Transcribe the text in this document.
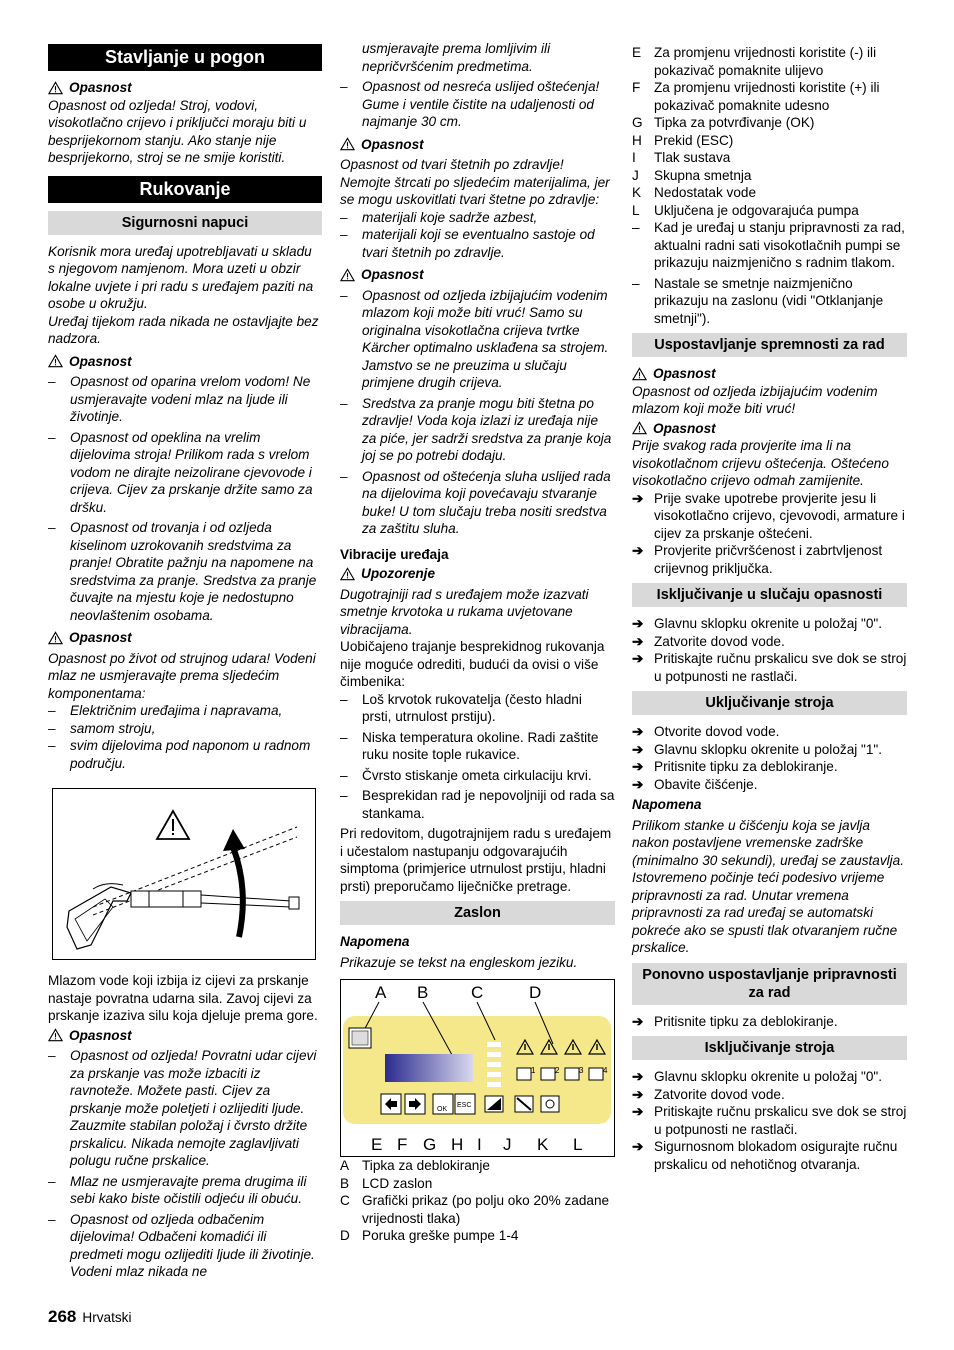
Stavljanje u pogon
Opasnost
Opasnost od ozljeda! Stroj, vodovi, visokotlačno crijevo i priključci moraju biti u besprijekornom stanju. Ako stanje nije besprijekorno, stroj se ne smije koristiti.
Rukovanje
Sigurnosni napuci
Korisnik mora uređaj upotrebljavati u skladu s njegovom namjenom. Mora uzeti u obzir lokalne uvjete i pri radu s uređajem paziti na osobe u okružju.
Uređaj tijekom rada nikada ne ostavljajte bez nadzora.
Opasnost
–	Opasnost od oparina vrelom vodom! Ne usmjeravajte vodeni mlaz na ljude ili životinje.
–	Opasnost od opeklina na vrelim dijelovima stroja! Prilikom rada s vrelom vodom ne dirajte neizolirane cjevovode i crijeva. Cijev za prskanje držite samo za dršku.
–	Opasnost od trovanja i od ozljeda kiselinom uzrokovanih sredstvima za pranje! Obratite pažnju na napomene na sredstvima za pranje. Sredstva za pranje čuvajte na mjestu koje je nedostupno neovlaštenim osobama.
Opasnost
Opasnost po život od strujnog udara! Vodeni mlaz ne usmjeravajte prema sljedećim komponentama:
–	Električnim uređajima i napravama,
–	samom stroju,
–	svim dijelovima pod naponom u radnom području.
Mlazom vode koji izbija iz cijevi za prskanje nastaje povratna udarna sila. Zavoj cijevi za prskanje izaziva silu koja djeluje prema gore.
Opasnost
–	Opasnost od ozljeda! Povratni udar cijevi za prskanje vas može izbaciti iz ravnoteže. Možete pasti. Cijev za prskanje može poletjeti i ozlijediti ljude. Zauzmite stabilan položaj i čvrsto držite prskalicu. Nikada nemojte zaglavljivati polugu ručne prskalice.
–	Mlaz ne usmjeravajte prema drugima ili sebi kako biste očistili odjeću ili obuću.
–	Opasnost od ozljeda odbačenim dijelovima! Odbačeni komadići ili predmeti mogu ozlijediti ljude ili životinje. Vodeni mlaz nikada ne
usmjeravajte prema lomljivim ili nepričvršćenim predmetima.
–	Opasnost od nesreća uslijed oštećenja! Gume i ventile čistite na udaljenosti od najmanje 30 cm.
Opasnost
Opasnost od tvari štetnih po zdravlje! Nemojte štrcati po sljedećim materijalima, jer se mogu uskovitlati tvari štetne po zdravlje:
–	materijali koje sadrže azbest,
–	materijali koji se eventualno sastoje od tvari štetnih po zdravlje.
Opasnost
–	Opasnost od ozljeda izbijajućim vodenim mlazom koji može biti vruć! Samo su originalna visokotlačna crijeva tvrtke Kärcher optimalno usklađena sa strojem. Jamstvo se ne preuzima u slučaju primjene drugih crijeva.
–	Sredstva za pranje mogu biti štetna po zdravlje! Voda koja izlazi iz uređaja nije za piće, jer sadrži sredstva za pranje koja joj se po potrebi dodaju.
–	Opasnost od oštećenja sluha uslijed rada na dijelovima koji povećavaju stvaranje buke! U tom slučaju treba nositi sredstva za zaštitu sluha.
Vibracije uređaja
Upozorenje
Dugotrajniji rad s uređajem može izazvati smetnje krvotoka u rukama uvjetovane vibracijama.
Uobičajeno trajanje besprekidnog rukovanja nije moguće odrediti, budući da ovisi o više čimbenika:
–	Loš krvotok rukovatelja (često hladni prsti, utrnulost prstiju).
–	Niska temperatura okoline. Radi zaštite ruku nosite tople rukavice.
–	Čvrsto stiskanje ometa cirkulaciju krvi.
–	Besprekidan rad je nepovoljniji od rada sa stankama.
Pri redovitom, dugotrajnijem radu s uređajem i učestalom nastupanju odgovarajućih simptoma (primjerice utrnulost prstiju, hladni prsti) preporučamo liječničke pretrage.
Zaslon
Napomena
Prikazuje se tekst na engleskom jeziku.
A B	C	D
1 2 3 4
OK
ESC
E F G H I J K L
A Tipka za deblokiranje
B LCD zaslon
C Grafički prikaz (po polju oko 20% zadane vrijednosti tlaka)
D Poruka greške pumpe 1-4
E Za promjenu vrijednosti koristite (-) ili pokazivač pomaknite ulijevo
F	Za promjenu vrijednosti koristite (+) ili pokazivač pomaknite udesno
G Tipka za potvrđivanje (OK)
H Prekid (ESC)
I	Tlak sustava
J	Skupna smetnja
K Nedostatak vode
L	Uključena je odgovarajuća pumpa
–	Kad je uređaj u stanju pripravnosti za rad, aktualni radni sati visokotlačnih pumpi se prikazuju naizmjenično s radnim tlakom.
–	Nastale se smetnje naizmjenično prikazuju na zaslonu (vidi "Otklanjanje smetnji").
Uspostavljanje spremnosti za rad
Opasnost
Opasnost od ozljeda izbijajućim vodenim mlazom koji može biti vruć!
Opasnost
Prije svakog rada provjerite ima li na visokotlačnom crijevu oštećenja. Oštećeno visokotlačno crijevo odmah zamijenite.
➔ Prije svake upotrebe provjerite jesu li visokotlačno crijevo, cjevovodi, armature i cijev za prskanje oštećeni.
➔ Provjerite pričvršćenost i zabrtvljenost crijevnog priključka.
Isključivanje u slučaju opasnosti
➔ Glavnu sklopku okrenite u položaj "0".
➔ Zatvorite dovod vode.
➔ Pritiskajte ručnu prskalicu sve dok se stroj u potpunosti ne rastlači.
Uključivanje stroja
➔ Otvorite dovod vode.
➔ Glavnu sklopku okrenite u položaj "1".
➔ Pritisnite tipku za deblokiranje.
➔ Obavite čišćenje.
Napomena
Prilikom stanke u čišćenju koja se javlja nakon postavljene vremenske zadrške (minimalno 30 sekundi), uređaj se zaustavlja. Istovremeno počinje teći podesivo vrijeme pripravnosti za rad. Unutar vremena pripravnosti za rad uređaj se automatski pokreće ako se spusti tlak otvaranjem ručne prskalice.
Ponovno uspostavljanje pripravnosti za rad
➔ Pritisnite tipku za deblokiranje.
Isključivanje stroja
➔ Glavnu sklopku okrenite u položaj "0".
➔ Zatvorite dovod vode.
➔ Pritiskajte ručnu prskalicu sve dok se stroj u potpunosti ne rastlači.
➔ Sigurnosnom blokadom osigurajte ručnu prskalicu od nehotičnog otvaranja.
268 Hrvatski
